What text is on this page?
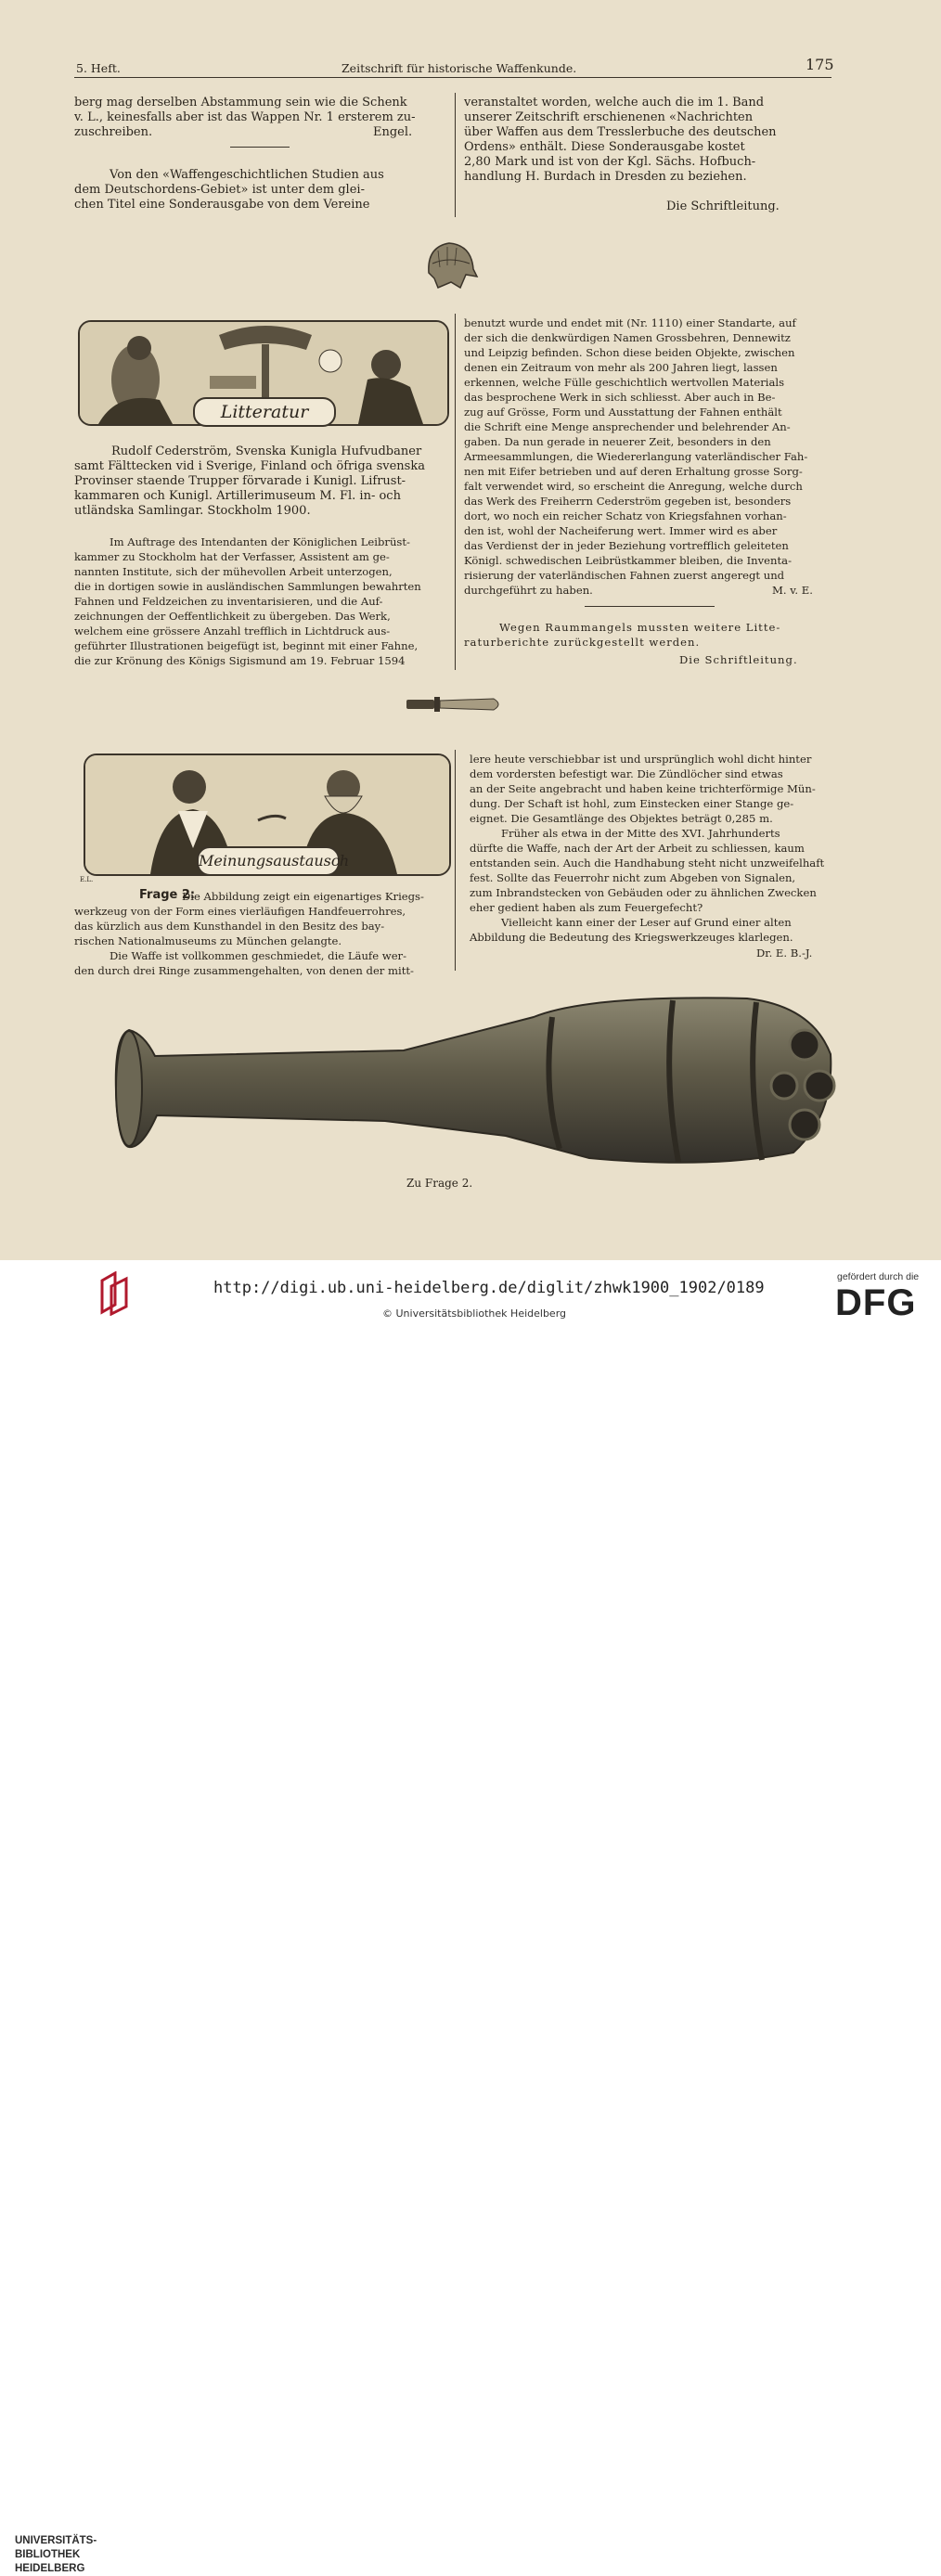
5. Heft.	Zeitschrift für historische Waffenkunde.	175
berg mag derselben Abstammung sein wie die Schenk
v. L., keinesfalls aber ist das Wappen Nr. 1 ersterem zu-
zuschreiben.	Engel.
Von den «Waffengeschichtlichen Studien aus
dem Deutschordens-Gebiet» ist unter dem glei-
chen Titel eine Sonderausgabe von dem Vereine
veranstaltet worden, welche auch die im 1. Band
unserer Zeitschrift erschienenen «Nachrichten
über Waffen aus dem Tresslerbuche des deutschen
Ordens» enthält. Diese Sonderausgabe kostet
2,80 Mark und ist von der Kgl. Sächs. Hofbuch-
handlung H. Burdach in Dresden zu beziehen.
Die Schriftleitung.
Litteratur
Rudolf Cederström, Svenska Kunigla Hufvudbaner
samt Fälttecken vid i Sverige, Finland och öfriga svenska
Provinser staende Trupper förvarade i Kunigl. Lifrust-
kammaren och Kunigl. Artillerimuseum M. Fl. in- och
utländska Samlingar. Stockholm 1900.
Im Auftrage des Intendanten der Königlichen Leibrüst-
kammer zu Stockholm hat der Verfasser, Assistent am ge-
nannten Institute, sich der mühevollen Arbeit unterzogen,
die in dortigen sowie in ausländischen Sammlungen bewahrten
Fahnen und Feldzeichen zu inventarisieren, und die Auf-
zeichnungen der Oeffentlichkeit zu übergeben. Das Werk,
welchem eine grössere Anzahl trefflich in Lichtdruck aus-
geführter Illustrationen beigefügt ist, beginnt mit einer Fahne,
die zur Krönung des Königs Sigismund am 19. Februar 1594
benutzt wurde und endet mit (Nr. 1110) einer Standarte, auf
der sich die denkwürdigen Namen Grossbehren, Dennewitz
und Leipzig befinden. Schon diese beiden Objekte, zwischen
denen ein Zeitraum von mehr als 200 Jahren liegt, lassen
erkennen, welche Fülle geschichtlich wertvollen Materials
das besprochene Werk in sich schliesst. Aber auch in Be-
zug auf Grösse, Form und Ausstattung der Fahnen enthält
die Schrift eine Menge ansprechender und belehrender An-
gaben. Da nun gerade in neuerer Zeit, besonders in den
Armeesammlungen, die Wiedererlangung vaterländischer Fah-
nen mit Eifer betrieben und auf deren Erhaltung grosse Sorg-
falt verwendet wird, so erscheint die Anregung, welche durch
das Werk des Freiherrn Cederström gegeben ist, besonders
dort, wo noch ein reicher Schatz von Kriegsfahnen vorhan-
den ist, wohl der Nacheiferung wert. Immer wird es aber
das Verdienst der in jeder Beziehung vortrefflich geleiteten
Königl. schwedischen Leibrüstkammer bleiben, die Inventa-
risierung der vaterländischen Fahnen zuerst angeregt und
durchgeführt zu haben.	M. v. E.
Wegen Raummangels mussten weitere Litte-
raturberichte zurückgestellt werden.
Die Schriftleitung.
Meinungsaustausch
E.L.
Frage 2:
Die Abbildung zeigt ein eigenartiges Kriegs-
werkzeug von der Form eines vierläufigen Handfeuerrohres,
das kürzlich aus dem Kunsthandel in den Besitz des bay-
rischen Nationalmuseums zu München gelangte.
Die Waffe ist vollkommen geschmiedet, die Läufe wer-
den durch drei Ringe zusammengehalten, von denen der mitt-
lere heute verschiebbar ist und ursprünglich wohl dicht hinter
dem vordersten befestigt war. Die Zündlöcher sind etwas
an der Seite angebracht und haben keine trichterförmige Mün-
dung. Der Schaft ist hohl, zum Einstecken einer Stange ge-
eignet. Die Gesamtlänge des Objektes beträgt 0,285 m.
Früher als etwa in der Mitte des XVI. Jahrhunderts
dürfte die Waffe, nach der Art der Arbeit zu schliessen, kaum
entstanden sein. Auch die Handhabung steht nicht unzweifelhaft
fest. Sollte das Feuerrohr nicht zum Abgeben von Signalen,
zum Inbrandstecken von Gebäuden oder zu ähnlichen Zwecken
eher gedient haben als zum Feuergefecht?
Vielleicht kann einer der Leser auf Grund einer alten
Abbildung die Bedeutung des Kriegswerkzeuges klarlegen.
Dr. E. B.-J.
Zu Frage 2.
UNIVERSITÄTS-
BIBLIOTHEK
HEIDELBERG
http://digi.ub.uni-heidelberg.de/diglit/zhwk1900_1902/0189
© Universitätsbibliothek Heidelberg
gefördert durch die
DFG
